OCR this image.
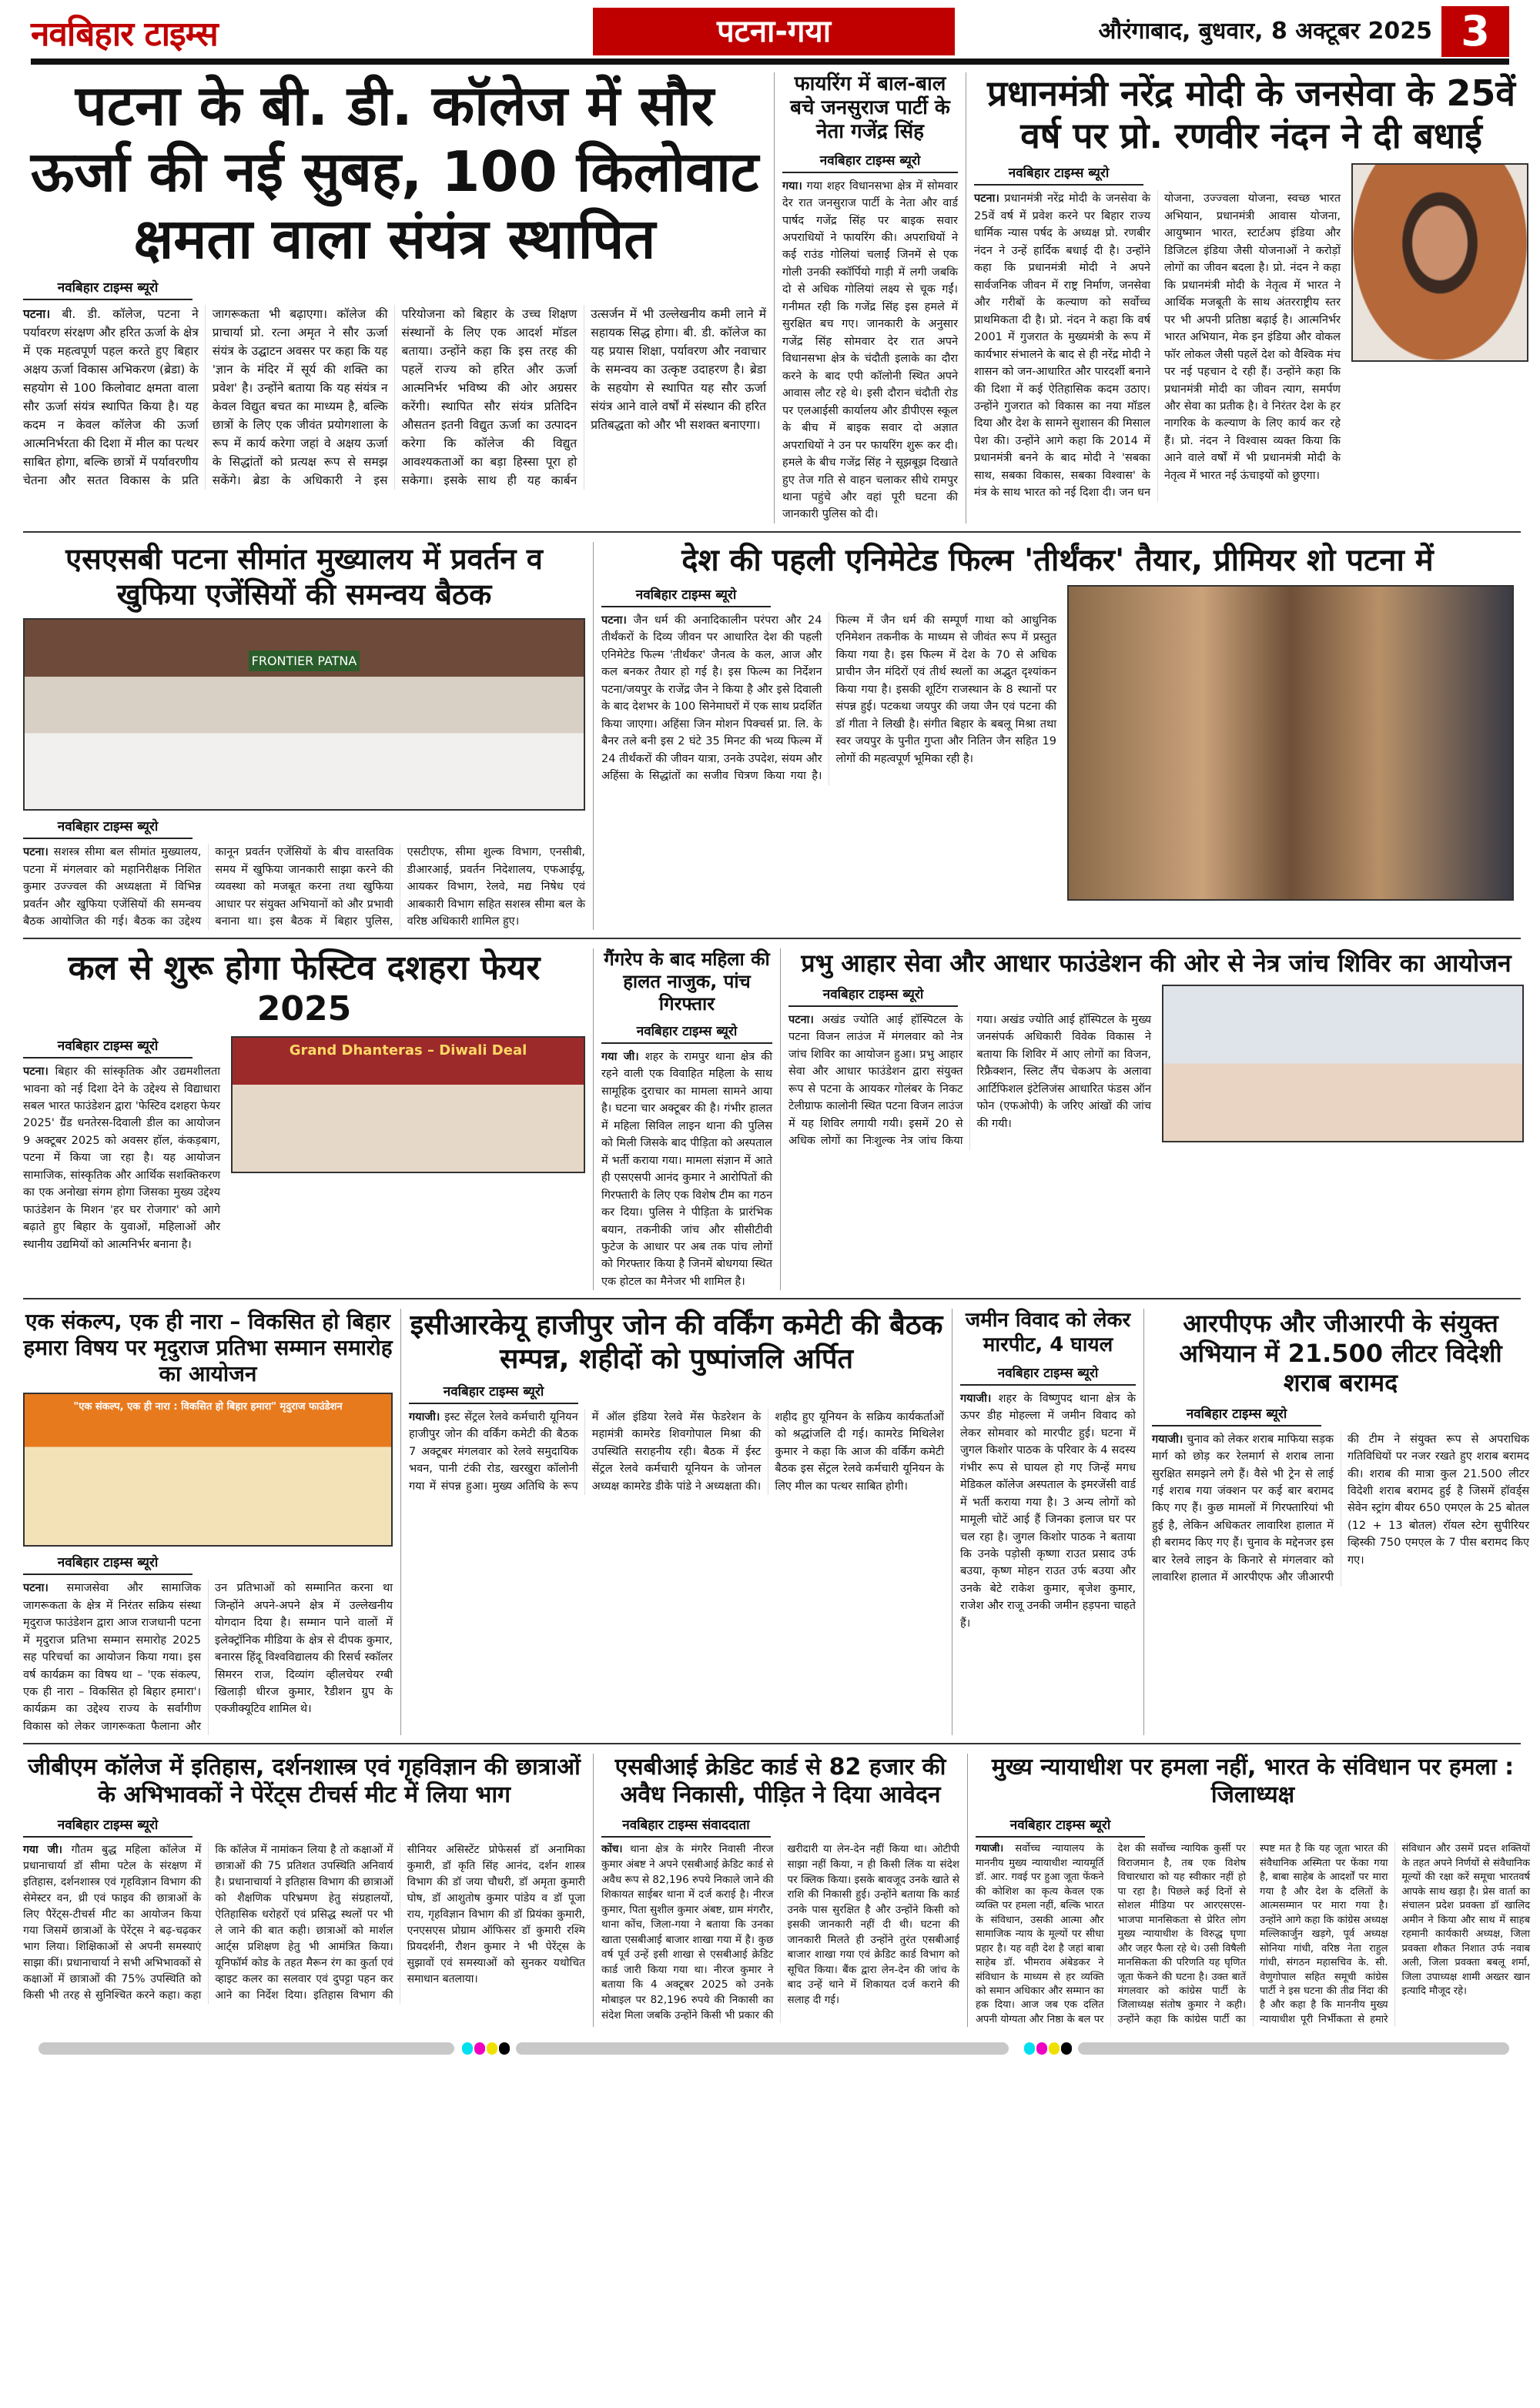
नवबिहार टाइम्स	पटना-गया	औरंगाबाद, बुधवार, 8 अक्टूबर 2025 3
पटना के बी. डी. कॉलेज में सौर ऊर्जा की नई सुबह, 100 किलोवाट क्षमता वाला संयंत्र स्थापित
नवबिहार टाइम्स ब्यूरो
पटना। बी. डी. कॉलेज, पटना ने पर्यावरण संरक्षण और हरित ऊर्जा के क्षेत्र में एक महत्वपूर्ण पहल करते हुए बिहार अक्षय ऊर्जा विकास अभिकरण (ब्रेडा) के सहयोग से 100 किलोवाट क्षमता वाला सौर ऊर्जा संयंत्र स्थापित किया है। यह कदम न केवल कॉलेज की ऊर्जा आत्मनिर्भरता की दिशा में मील का पत्थर साबित होगा, बल्कि छात्रों में पर्यावरणीय चेतना और सतत विकास के प्रति जागरूकता भी बढ़ाएगा। कॉलेज की प्राचार्या प्रो. रत्ना अमृत ने सौर ऊर्जा संयंत्र के उद्घाटन अवसर पर कहा कि यह 'ज्ञान के मंदिर में सूर्य की शक्ति का प्रवेश' है। उन्होंने बताया कि यह संयंत्र न केवल विद्युत बचत का माध्यम है, बल्कि छात्रों के लिए एक जीवंत प्रयोगशाला के रूप में कार्य करेगा जहां वे अक्षय ऊर्जा के सिद्धांतों को प्रत्यक्ष रूप से समझ सकेंगे। ब्रेडा के अधिकारी ने इस परियोजना को बिहार के उच्च शिक्षण संस्थानों के लिए एक आदर्श मॉडल बताया। उन्होंने कहा कि इस तरह की पहलें राज्य को हरित और ऊर्जा आत्मनिर्भर भविष्य की ओर अग्रसर करेंगी। स्थापित सौर संयंत्र प्रतिदिन औसतन इतनी विद्युत ऊर्जा का उत्पादन करेगा कि कॉलेज की विद्युत आवश्यकताओं का बड़ा हिस्सा पूरा हो सकेगा। इसके साथ ही यह कार्बन उत्सर्जन में भी उल्लेखनीय कमी लाने में सहायक सिद्ध होगा। बी. डी. कॉलेज का यह प्रयास शिक्षा, पर्यावरण और नवाचार के समन्वय का उत्कृष्ट उदाहरण है। ब्रेडा के सहयोग से स्थापित यह सौर ऊर्जा संयंत्र आने वाले वर्षों में संस्थान की हरित प्रतिबद्धता को और भी सशक्त बनाएगा।
फायरिंग में बाल-बाल बचे जनसुराज पार्टी के नेता गजेंद्र सिंह
नवबिहार टाइम्स ब्यूरो
गया। गया शहर विधानसभा क्षेत्र में सोमवार देर रात जनसुराज पार्टी के नेता और वार्ड पार्षद गजेंद्र सिंह पर बाइक सवार अपराधियों ने फायरिंग की। अपराधियों ने कई राउंड गोलियां चलाईं जिनमें से एक गोली उनकी स्कॉर्पियो गाड़ी में लगी जबकि दो से अधिक गोलियां लक्ष्य से चूक गईं। गनीमत रही कि गजेंद्र सिंह इस हमले में सुरक्षित बच गए। जानकारी के अनुसार गजेंद्र सिंह सोमवार देर रात अपने विधानसभा क्षेत्र के चंदौती इलाके का दौरा करने के बाद एपी कॉलोनी स्थित अपने आवास लौट रहे थे। इसी दौरान चंदौती रोड पर एलआईसी कार्यालय और डीपीएस स्कूल के बीच में बाइक सवार दो अज्ञात अपराधियों ने उन पर फायरिंग शुरू कर दी। हमले के बीच गजेंद्र सिंह ने सूझबूझ दिखाते हुए तेज गति से वाहन चलाकर सीधे रामपुर थाना पहुंचे और वहां पूरी घटना की जानकारी पुलिस को दी।
प्रधानमंत्री नरेंद्र मोदी के जनसेवा के 25वें वर्ष पर प्रो. रणवीर नंदन ने दी बधाई
नवबिहार टाइम्स ब्यूरो
पटना। प्रधानमंत्री नरेंद्र मोदी के जनसेवा के 25वें वर्ष में प्रवेश करने पर बिहार राज्य धार्मिक न्यास पर्षद के अध्यक्ष प्रो. रणबीर नंदन ने उन्हें हार्दिक बधाई दी है। उन्होंने कहा कि प्रधानमंत्री मोदी ने अपने सार्वजनिक जीवन में राष्ट्र निर्माण, जनसेवा और गरीबों के कल्याण को सर्वोच्च प्राथमिकता दी है। प्रो. नंदन ने कहा कि वर्ष 2001 में गुजरात के मुख्यमंत्री के रूप में कार्यभार संभालने के बाद से ही नरेंद्र मोदी ने शासन को जन-आधारित और पारदर्शी बनाने की दिशा में कई ऐतिहासिक कदम उठाए। उन्होंने गुजरात को विकास का नया मॉडल दिया और देश के सामने सुशासन की मिसाल पेश की। उन्होंने आगे कहा कि 2014 में प्रधानमंत्री बनने के बाद मोदी ने 'सबका साथ, सबका विकास, सबका विश्वास' के मंत्र के साथ भारत को नई दिशा दी। जन धन योजना, उज्ज्वला योजना, स्वच्छ भारत अभियान, प्रधानमंत्री आवास योजना, आयुष्मान भारत, स्टार्टअप इंडिया और डिजिटल इंडिया जैसी योजनाओं ने करोड़ों लोगों का जीवन बदला है। प्रो. नंदन ने कहा कि प्रधानमंत्री मोदी के नेतृत्व में भारत ने आर्थिक मजबूती के साथ अंतरराष्ट्रीय स्तर पर भी अपनी प्रतिष्ठा बढ़ाई है। आत्मनिर्भर भारत अभियान, मेक इन इंडिया और वोकल फॉर लोकल जैसी पहलें देश को वैश्विक मंच पर नई पहचान दे रही हैं। उन्होंने कहा कि प्रधानमंत्री मोदी का जीवन त्याग, समर्पण और सेवा का प्रतीक है। वे निरंतर देश के हर नागरिक के कल्याण के लिए कार्य कर रहे हैं। प्रो. नंदन ने विश्वास व्यक्त किया कि आने वाले वर्षों में भी प्रधानमंत्री मोदी के नेतृत्व में भारत नई ऊंचाइयों को छुएगा।
एसएसबी पटना सीमांत मुख्यालय में प्रवर्तन व खुफिया एजेंसियों की समन्वय बैठक
FRONTIER PATNA
नवबिहार टाइम्स ब्यूरो
पटना। सशस्त्र सीमा बल सीमांत मुख्यालय, पटना में मंगलवार को महानिरीक्षक निशित कुमार उज्ज्वल की अध्यक्षता में विभिन्न प्रवर्तन और खुफिया एजेंसियों की समन्वय बैठक आयोजित की गई। बैठक का उद्देश्य कानून प्रवर्तन एजेंसियों के बीच वास्तविक समय में खुफिया जानकारी साझा करने की व्यवस्था को मजबूत करना तथा खुफिया आधार पर संयुक्त अभियानों को और प्रभावी बनाना था। इस बैठक में बिहार पुलिस, एसटीएफ, सीमा शुल्क विभाग, एनसीबी, डीआरआई, प्रवर्तन निदेशालय, एफआईयू, आयकर विभाग, रेलवे, मद्य निषेध एवं आबकारी विभाग सहित सशस्त्र सीमा बल के वरिष्ठ अधिकारी शामिल हुए।
देश की पहली एनिमेटेड फिल्म 'तीर्थंकर' तैयार, प्रीमियर शो पटना में
नवबिहार टाइम्स ब्यूरो
पटना। जैन धर्म की अनादिकालीन परंपरा और 24 तीर्थंकरों के दिव्य जीवन पर आधारित देश की पहली एनिमेटेड फिल्म 'तीर्थंकर' जैनत्व के कल, आज और कल बनकर तैयार हो गई है। इस फिल्म का निर्देशन पटना/जयपुर के राजेंद्र जैन ने किया है और इसे दिवाली के बाद देशभर के 100 सिनेमाघरों में एक साथ प्रदर्शित किया जाएगा। अहिंसा जिन मोशन पिक्चर्स प्रा. लि. के बैनर तले बनी इस 2 घंटे 35 मिनट की भव्य फिल्म में 24 तीर्थंकरों की जीवन यात्रा, उनके उपदेश, संयम और अहिंसा के सिद्धांतों का सजीव चित्रण किया गया है। फिल्म में जैन धर्म की सम्पूर्ण गाथा को आधुनिक एनिमेशन तकनीक के माध्यम से जीवंत रूप में प्रस्तुत किया गया है। इस फिल्म में देश के 70 से अधिक प्राचीन जैन मंदिरों एवं तीर्थ स्थलों का अद्भुत दृश्यांकन किया गया है। इसकी शूटिंग राजस्थान के 8 स्थानों पर संपन्न हुई। पटकथा जयपुर की जया जैन एवं पटना की डॉ गीता ने लिखी है। संगीत बिहार के बबलू मिश्रा तथा स्वर जयपुर के पुनीत गुप्ता और नितिन जैन सहित 19 लोगों की महत्वपूर्ण भूमिका रही है।
कल से शुरू होगा फेस्टिव दशहरा फेयर 2025
नवबिहार टाइम्स ब्यूरो
पटना। बिहार की सांस्कृतिक और उद्यमशीलता भावना को नई दिशा देने के उद्देश्य से विद्याधारा सबल भारत फाउंडेशन द्वारा 'फेस्टिव दशहरा फेयर 2025' ग्रैंड धनतेरस-दिवाली डील का आयोजन 9 अक्टूबर 2025 को अवसर हॉल, कंकड़बाग, पटना में किया जा रहा है। यह आयोजन सामाजिक, सांस्कृतिक और आर्थिक सशक्तिकरण का एक अनोखा संगम होगा जिसका मुख्य उद्देश्य फाउंडेशन के मिशन 'हर घर रोजगार' को आगे बढ़ाते हुए बिहार के युवाओं, महिलाओं और स्थानीय उद्यमियों को आत्मनिर्भर बनाना है।
Grand Dhanteras – Diwali Deal
गैंगरेप के बाद महिला की हालत नाजुक, पांच गिरफ्तार
नवबिहार टाइम्स ब्यूरो
गया जी। शहर के रामपुर थाना क्षेत्र की रहने वाली एक विवाहित महिला के साथ सामूहिक दुराचार का मामला सामने आया है। घटना चार अक्टूबर की है। गंभीर हालत में महिला सिविल लाइन थाना की पुलिस को मिली जिसके बाद पीड़िता को अस्पताल में भर्ती कराया गया। मामला संज्ञान में आते ही एसएसपी आनंद कुमार ने आरोपितों की गिरफ्तारी के लिए एक विशेष टीम का गठन कर दिया। पुलिस ने पीड़िता के प्रारंभिक बयान, तकनीकी जांच और सीसीटीवी फुटेज के आधार पर अब तक पांच लोगों को गिरफ्तार किया है जिनमें बोधगया स्थित एक होटल का मैनेजर भी शामिल है।
प्रभु आहार सेवा और आधार फाउंडेशन की ओर से नेत्र जांच शिविर का आयोजन
नवबिहार टाइम्स ब्यूरो
पटना। अखंड ज्योति आई हॉस्पिटल के पटना विजन लाउंज में मंगलवार को नेत्र जांच शिविर का आयोजन हुआ। प्रभु आहार सेवा और आधार फाउंडेशन द्वारा संयुक्त रूप से पटना के आयकर गोलंबर के निकट टेलीग्राफ कालोनी स्थित पटना विजन लाउंज में यह शिविर लगायी गयी। इसमें 20 से अधिक लोगों का निःशुल्क नेत्र जांच किया गया। अखंड ज्योति आई हॉस्पिटल के मुख्य जनसंपर्क अधिकारी विवेक विकास ने बताया कि शिविर में आए लोगों का विजन, रिफ्रैक्शन, स्लिट लैंप चेकअप के अलावा आर्टिफिशल इंटेलिजंस आधारित फंडस ऑन फोन (एफओपी) के जरिए आंखों की जांच की गयी।
एक संकल्प, एक ही नारा – विकसित हो बिहार हमारा विषय पर मृदुराज प्रतिभा सम्मान समारोह का आयोजन
"एक संकल्प, एक ही नारा : विकसित हो बिहार हमारा" मृदुराज फाउंडेशन
नवबिहार टाइम्स ब्यूरो
पटना। समाजसेवा और सामाजिक जागरूकता के क्षेत्र में निरंतर सक्रिय संस्था मृदुराज फाउंडेशन द्वारा आज राजधानी पटना में मृदुराज प्रतिभा सम्मान समारोह 2025 सह परिचर्चा का आयोजन किया गया। इस वर्ष कार्यक्रम का विषय था – 'एक संकल्प, एक ही नारा – विकसित हो बिहार हमारा'। कार्यक्रम का उद्देश्य राज्य के सर्वांगीण विकास को लेकर जागरूकता फैलाना और उन प्रतिभाओं को सम्मानित करना था जिन्होंने अपने-अपने क्षेत्र में उल्लेखनीय योगदान दिया है। सम्मान पाने वालों में इलेक्ट्रॉनिक मीडिया के क्षेत्र से दीपक कुमार, बनारस हिंदू विश्वविद्यालय की रिसर्च स्कॉलर सिमरन राज, दिव्यांग व्हीलचेयर रग्बी खिलाड़ी धीरज कुमार, रैडीशन ग्रुप के एक्जीक्यूटिव शामिल थे।
इसीआरकेयू हाजीपुर जोन की वर्किंग कमेटी की बैठक सम्पन्न, शहीदों को पुष्पांजलि अर्पित
नवबिहार टाइम्स ब्यूरो
गयाजी। इस्ट सेंट्रल रेलवे कर्मचारी यूनियन हाजीपुर जोन की वर्किंग कमेटी की बैठक 7 अक्टूबर मंगलवार को रेलवे समुदायिक भवन, पानी टंकी रोड, खरखुरा कॉलोनी गया में संपन्न हुआ। मुख्य अतिथि के रूप में ऑल इंडिया रेलवे मेंस फेडरेशन के महामंत्री कामरेड शिवगोपाल मिश्रा की उपस्थिति सराहनीय रही। बैठक में ईस्ट सेंट्रल रेलवे कर्मचारी यूनियन के जोनल अध्यक्ष कामरेड डीके पांडे ने अध्यक्षता की। शहीद हुए यूनियन के सक्रिय कार्यकर्ताओं को श्रद्धांजलि दी गई। कामरेड मिथिलेश कुमार ने कहा कि आज की वर्किंग कमेटी बैठक इस सेंट्रल रेलवे कर्मचारी यूनियन के लिए मील का पत्थर साबित होगी।
जमीन विवाद को लेकर मारपीट, 4 घायल
नवबिहार टाइम्स ब्यूरो
गयाजी। शहर के विष्णुपद थाना क्षेत्र के ऊपर डीह मोहल्ला में जमीन विवाद को लेकर सोमवार को मारपीट हुई। घटना में जुगल किशोर पाठक के परिवार के 4 सदस्य गंभीर रूप से घायल हो गए जिन्हें मगध मेडिकल कॉलेज अस्पताल के इमरजेंसी वार्ड में भर्ती कराया गया है। 3 अन्य लोगों को मामूली चोटें आई हैं जिनका इलाज घर पर चल रहा है। जुगल किशोर पाठक ने बताया कि उनके पड़ोसी कृष्णा राउत प्रसाद उर्फ बउया, कृष्ण मोहन राउत उर्फ बउया और उनके बेटे राकेश कुमार, बृजेश कुमार, राजेश और राजू उनकी जमीन हड़पना चाहते हैं।
आरपीएफ और जीआरपी के संयुक्त अभियान में 21.500 लीटर विदेशी शराब बरामद
नवबिहार टाइम्स ब्यूरो
गयाजी। चुनाव को लेकर शराब माफिया सड़क मार्ग को छोड़ कर रेलमार्ग से शराब लाना सुरक्षित समझने लगे हैं। वैसे भी ट्रेन से लाई गई शराब गया जंक्शन पर कई बार बरामद किए गए हैं। कुछ मामलों में गिरफ्तारियां भी हुई है, लेकिन अधिकतर लावारिश हालात में ही बरामद किए गए हैं। चुनाव के मद्देनजर इस बार रेलवे लाइन के किनारे से मंगलवार को लावारिश हालात में आरपीएफ और जीआरपी की टीम ने संयुक्त रूप से अपराधिक गतिविधियों पर नजर रखते हुए शराब बरामद की। शराब की मात्रा कुल 21.500 लीटर विदेशी शराब बरामद हुई है जिसमें हॉवर्ड्स सेवेन स्ट्रांग बीयर 650 एमएल के 25 बोतल (12 + 13 बोतल) रॉयल स्टेग सुपीरियर व्हिस्की 750 एमएल के 7 पीस बरामद किए गए।
जीबीएम कॉलेज में इतिहास, दर्शनशास्त्र एवं गृहविज्ञान की छात्राओं के अभिभावकों ने पेरेंट्स टीचर्स मीट में लिया भाग
नवबिहार टाइम्स ब्यूरो
गया जी। गौतम बुद्ध महिला कॉलेज में प्रधानाचार्या डॉ सीमा पटेल के संरक्षण में इतिहास, दर्शनशास्त्र एवं गृहविज्ञान विभाग की सेमेस्टर वन, थ्री एवं फाइव की छात्राओं के लिए पैरेंट्स-टीचर्स मीट का आयोजन किया गया जिसमें छात्राओं के पेरेंट्स ने बढ़-चढ़कर भाग लिया। शिक्षिकाओं से अपनी समस्याएं साझा कीं। प्रधानाचार्या ने सभी अभिभावकों से कक्षाओं में छात्राओं की 75% उपस्थिति को किसी भी तरह से सुनिश्चित करने कहा। कहा कि कॉलेज में नामांकन लिया है तो कक्षाओं में छात्राओं की 75 प्रतिशत उपस्थिति अनिवार्य है। प्रधानाचार्या ने इतिहास विभाग की छात्राओं को शैक्षणिक परिभ्रमण हेतु संग्रहालयों, ऐतिहासिक धरोहरों एवं प्रसिद्ध स्थलों पर भी ले जाने की बात कही। छात्राओं को मार्शल आर्ट्स प्रशिक्षण हेतु भी आमंत्रित किया। यूनिफॉर्म कोड के तहत मैरून रंग का कुर्ता एवं व्हाइट कलर का सलवार एवं दुपट्टा पहन कर आने का निर्देश दिया। इतिहास विभाग की सीनियर असिस्टेंट प्रोफेसर्स डॉ अनामिका कुमारी, डॉ कृति सिंह आनंद, दर्शन शास्त्र विभाग की डॉ जया चौधरी, डॉ अमृता कुमारी घोष, डॉ आशुतोष कुमार पांडेय व डॉ पूजा राय, गृहविज्ञान विभाग की डॉ प्रियंका कुमारी, एनएसएस प्रोग्राम ऑफिसर डॉ कुमारी रश्मि प्रियदर्शनी, रौशन कुमार ने भी पेरेंट्स के सुझावों एवं समस्याओं को सुनकर यथोचित समाधान बतलाया।
एसबीआई क्रेडिट कार्ड से 82 हजार की अवैध निकासी, पीड़ित ने दिया आवेदन
नवबिहार टाइम्स संवाददाता
कोंच। थाना क्षेत्र के मंगरैर निवासी नीरज कुमार अंबष्ट ने अपने एसबीआई क्रेडिट कार्ड से अवैध रूप से 82,196 रुपये निकाले जाने की शिकायत साईबर थाना में दर्ज कराई है। नीरज कुमार, पिता सुशील कुमार अंबष्ट, ग्राम मंगरौर, थाना कोंच, जिला-गया ने बताया कि उनका खाता एसबीआई बाजार शाखा गया में है। कुछ वर्ष पूर्व उन्हें इसी शाखा से एसबीआई क्रेडिट कार्ड जारी किया गया था। नीरज कुमार ने बताया कि 4 अक्टूबर 2025 को उनके मोबाइल पर 82,196 रुपये की निकासी का संदेश मिला जबकि उन्होंने किसी भी प्रकार की खरीदारी या लेन-देन नहीं किया था। ओटीपी साझा नहीं किया, न ही किसी लिंक या संदेश पर क्लिक किया। इसके बावजूद उनके खाते से राशि की निकासी हुई। उन्होंने बताया कि कार्ड उनके पास सुरक्षित है और उन्होंने किसी को इसकी जानकारी नहीं दी थी। घटना की जानकारी मिलते ही उन्होंने तुरंत एसबीआई बाजार शाखा गया एवं क्रेडिट कार्ड विभाग को सूचित किया। बैंक द्वारा लेन-देन की जांच के बाद उन्हें थाने में शिकायत दर्ज कराने की सलाह दी गई।
मुख्य न्यायाधीश पर हमला नहीं, भारत के संविधान पर हमला : जिलाध्यक्ष
नवबिहार टाइम्स ब्यूरो
गयाजी। सर्वोच्च न्यायालय के माननीय मुख्य न्यायाधीश न्यायमूर्ति डॉ. आर. गवई पर हुआ जूता फेंकने की कोशिश का कृत्य केवल एक व्यक्ति पर हमला नहीं, बल्कि भारत के संविधान, उसकी आत्मा और सामाजिक न्याय के मूल्यों पर सीधा प्रहार है। यह वही देश है जहां बाबा साहेब डॉ. भीमराव अंबेडकर ने संविधान के माध्यम से हर व्यक्ति को समान अधिकार और सम्मान का हक दिया। आज जब एक दलित अपनी योग्यता और निष्ठा के बल पर देश की सर्वोच्च न्यायिक कुर्सी पर विराजमान है, तब एक विशेष विचारधारा को यह स्वीकार नहीं हो पा रहा है। पिछले कई दिनों से सोशल मीडिया पर आरएसएस-भाजपा मानसिकता से प्रेरित लोग मुख्य न्यायाधीश के विरुद्ध घृणा और जहर फैला रहे थे। उसी विषैली मानसिकता की परिणति यह घृणित जूता फेंकने की घटना है। उक्त बातें मंगलवार को कांग्रेस पार्टी के जिलाध्यक्ष संतोष कुमार ने कही। उन्होंने कहा कि कांग्रेस पार्टी का स्पष्ट मत है कि यह जूता भारत की संवैधानिक अस्मिता पर फेंका गया है, बाबा साहेब के आदर्शों पर मारा गया है और देश के दलितों के आत्मसम्मान पर मारा गया है। उन्होंने आगे कहा कि कांग्रेस अध्यक्ष मल्लिकार्जुन खड़गे, पूर्व अध्यक्ष सोनिया गांधी, वरिष्ठ नेता राहुल गांधी, संगठन महासचिव के. सी. वेणुगोपाल सहित समूची कांग्रेस पार्टी ने इस घटना की तीव्र निंदा की है और कहा है कि माननीय मुख्य न्यायाधीश पूरी निर्भीकता से हमारे संविधान और उसमें प्रदत्त शक्तियों के तहत अपने निर्णयों से संवैधानिक मूल्यों की रक्षा करें समूचा भारतवर्ष आपके साथ खड़ा है। प्रेस वार्ता का संचालन प्रदेश प्रवक्ता डॉ खालिद अमीन ने किया और साथ में साहब रहमानी कार्यकारी अध्यक्ष, जिला प्रवक्ता शौकत निशात उर्फ नवाब अली, जिला प्रवक्ता बबलू शर्मा, जिला उपाध्यक्ष शामी अख्तर खान इत्यादि मौजूद रहे।
